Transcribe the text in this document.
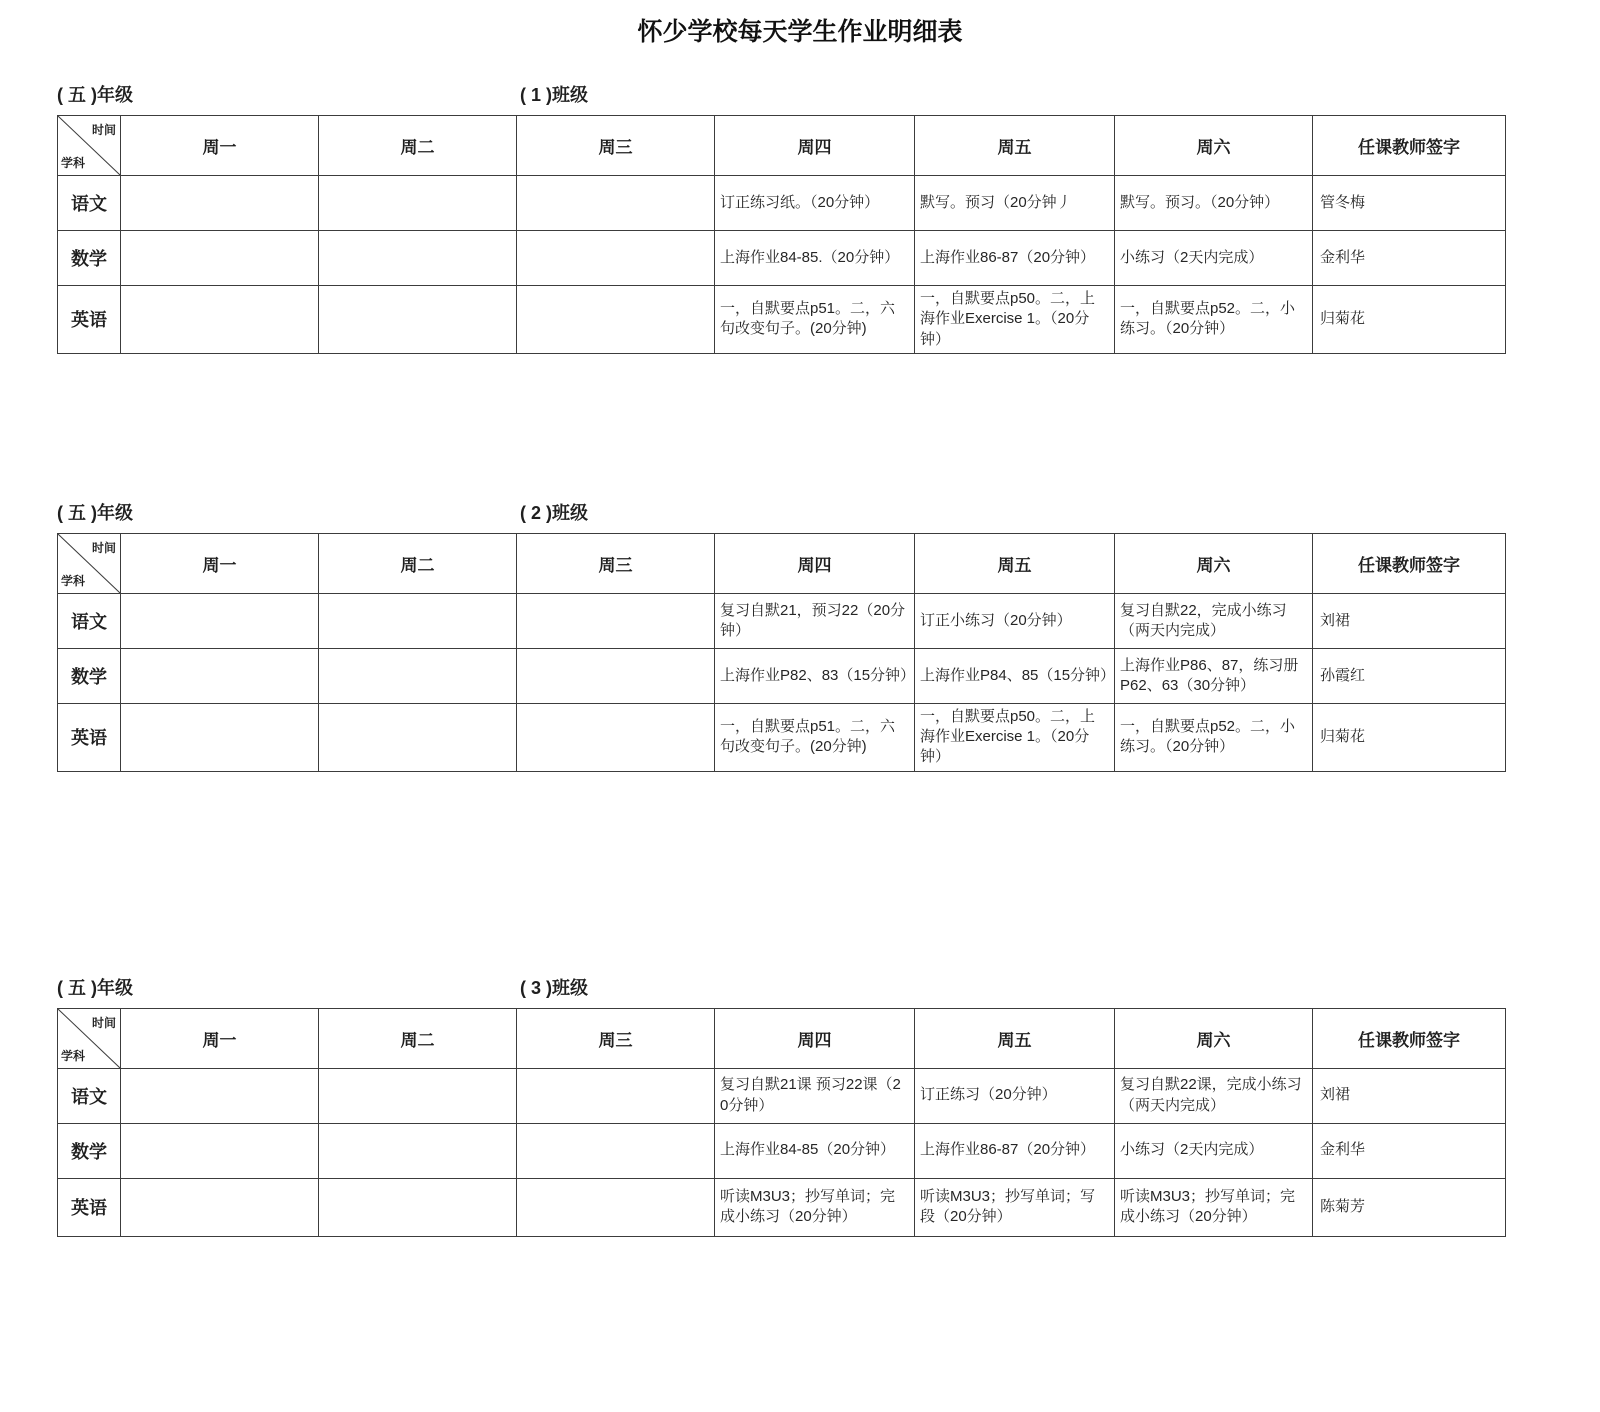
怀少学校每天学生作业明细表
( 五 )年级	( 1 )班级
时间
学科	周一	周二	周三	周四	周五	周六	任课教师签字
语文				订正练习纸。（20分钟）	默写。预习（20分钟丿	默写。预习。（20分钟）	管冬梅
数学				上海作业84-85.（20分钟）	上海作业86-87（20分钟）	小练习（2天内完成）	金利华
英语				一，自默要点p51。二，六句改变句子。(20分钟)	一，自默要点p50。二，上海作业Exercise 1。（20分钟）	一，自默要点p52。二，小练习。（20分钟）	归菊花
( 五 )年级	( 2 )班级
时间
学科	周一	周二	周三	周四	周五	周六	任课教师签字
语文				复习自默21，预习22（20分钟）	订正小练习（20分钟）	复习自默22，完成小练习（两天内完成）	刘裙
数学				上海作业P82、83（15分钟）	上海作业P84、85（15分钟）	上海作业P86、87，练习册P62、63（30分钟）	孙霞红
英语				一，自默要点p51。二，六句改变句子。(20分钟)	一，自默要点p50。二，上海作业Exercise 1。（20分钟）	一，自默要点p52。二，小练习。（20分钟）	归菊花
( 五 )年级	( 3 )班级
时间
学科	周一	周二	周三	周四	周五	周六	任课教师签字
语文				复习自默21课 预习22课（20分钟）	订正练习（20分钟）	复习自默22课，完成小练习（两天内完成）	刘裙
数学				上海作业84-85（20分钟）	上海作业86-87（20分钟）	小练习（2天内完成）	金利华
英语				听读M3U3；抄写单词；完成小练习（20分钟）	听读M3U3；抄写单词；写段（20分钟）	听读M3U3；抄写单词；完成小练习（20分钟）	陈菊芳
